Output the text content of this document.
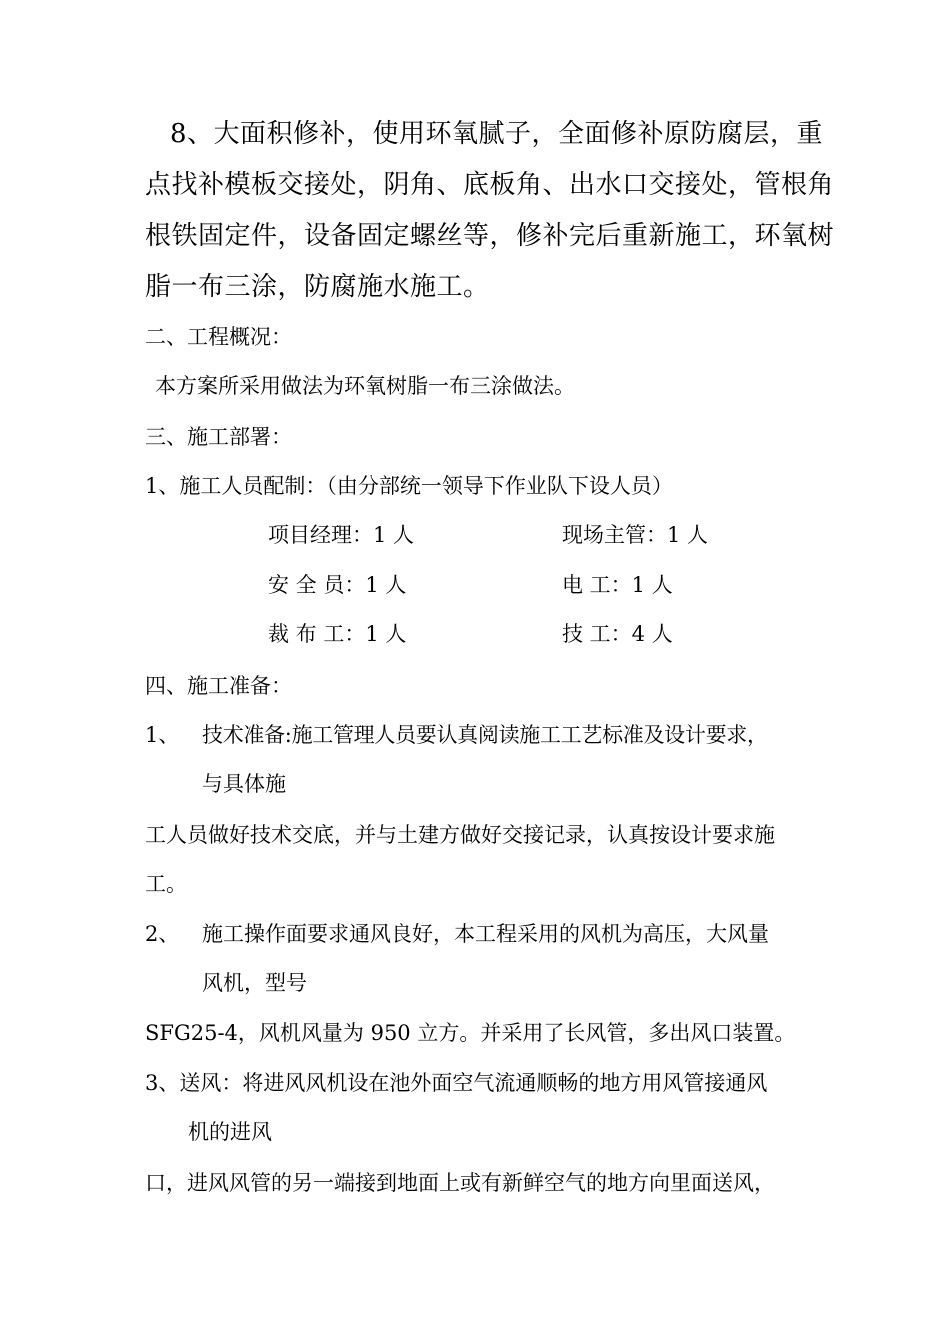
8、大面积修补，使用环氧腻子，全面修补原防腐层，重
点找补模板交接处，阴角、底板角、出水口交接处，管根角
根铁固定件，设备固定螺丝等，修补完后重新施工，环氧树
脂一布三涂，防腐施水施工。
二、工程概况：
本方案所采用做法为环氧树脂一布三涂做法。
三、施工部署：
1、施工人员配制：（由分部统一领导下作业队下设人员）
项目经理：1 人	现场主管：1 人
安 全 员：1 人	电 工：1 人
裁 布 工：1 人	技 工：4 人
四、施工准备：
1、 技术准备:施工管理人员要认真阅读施工工艺标准及设计要求，
与具体施
工人员做好技术交底，并与土建方做好交接记录，认真按设计要求施
工。
2、 施工操作面要求通风良好，本工程采用的风机为高压，大风量
风机，型号
SFG25-4，风机风量为 950 立方。并采用了长风管，多出风口装置。
3、送风：将进风风机设在池外面空气流通顺畅的地方用风管接通风
机的进风
口，进风风管的另一端接到地面上或有新鲜空气的地方向里面送风，
